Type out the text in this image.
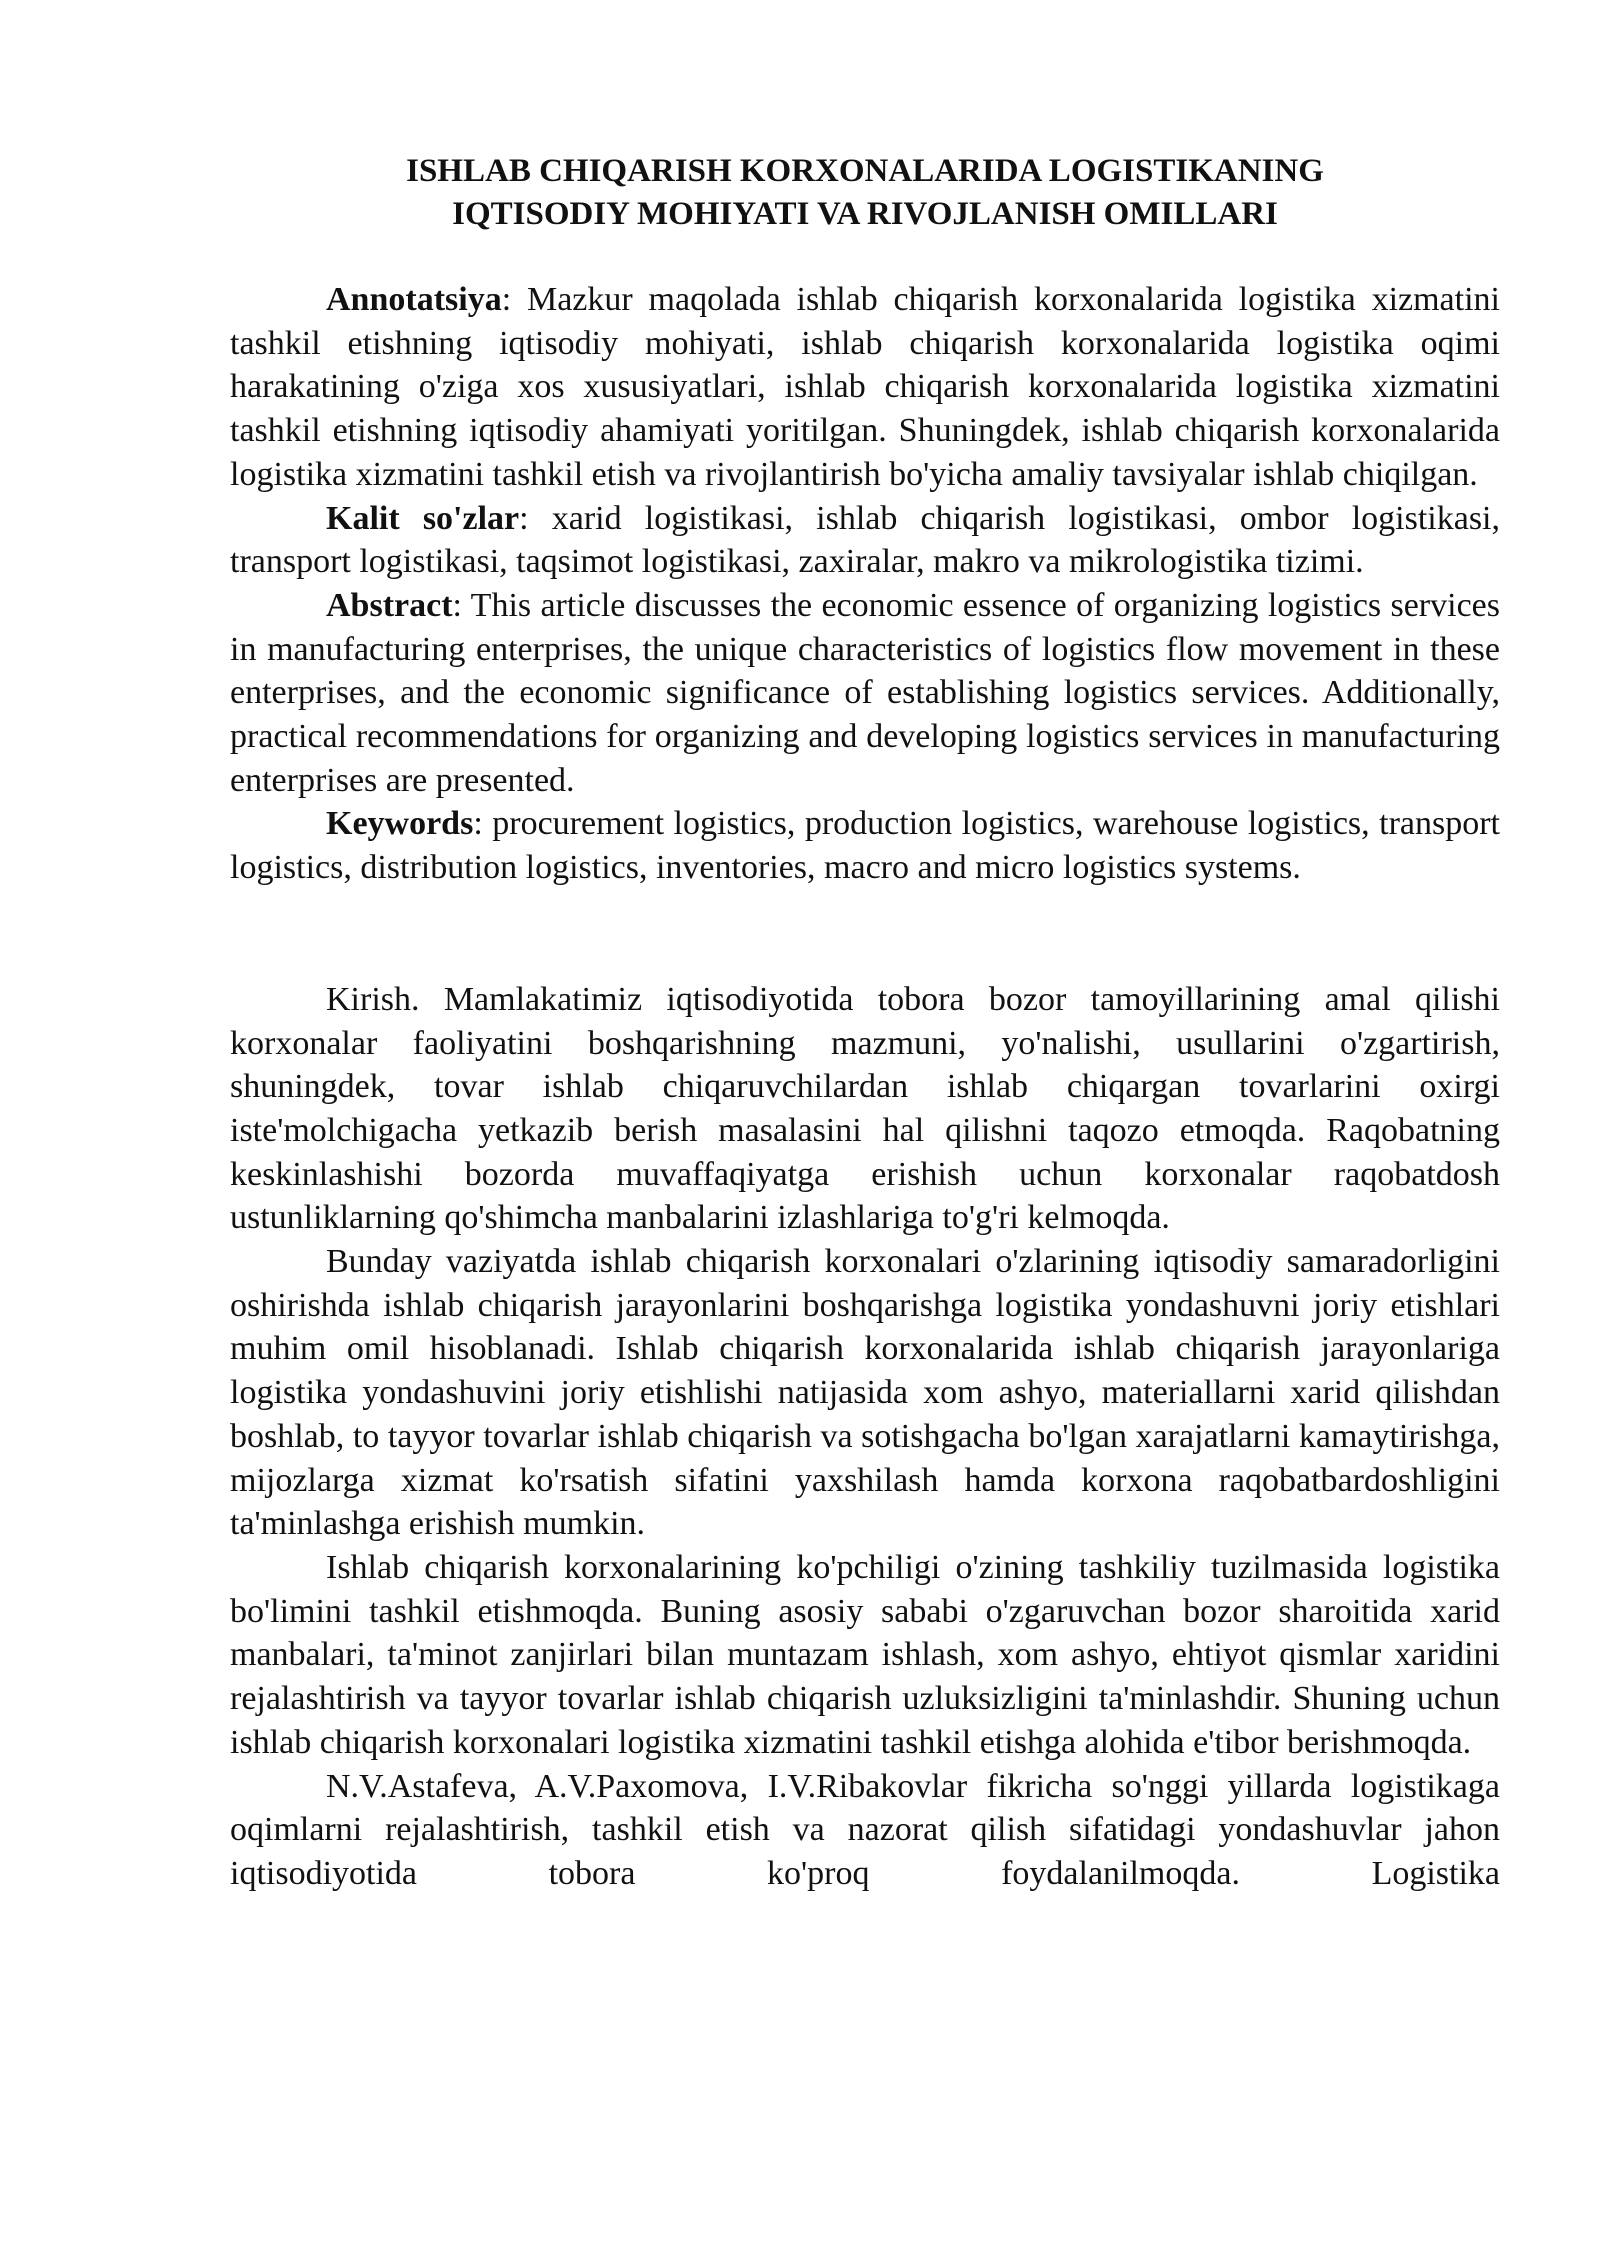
ISHLAB CHIQARISH KORXONALARIDA LOGISTIKANING
IQTISODIY MOHIYATI VA RIVOJLANISH OMILLARI

Annotatsiya: Mazkur maqolada ishlab chiqarish korxonalarida logistika xizmatini tashkil etishning iqtisodiy mohiyati, ishlab chiqarish korxonalarida logistika oqimi harakatining o'ziga xos xususiyatlari, ishlab chiqarish korxonalarida logistika xizmatini tashkil etishning iqtisodiy ahamiyati yoritilgan. Shuningdek, ishlab chiqarish korxonalarida logistika xizmatini tashkil etish va rivojlantirish bo'yicha amaliy tavsiyalar ishlab chiqilgan.

Kalit so'zlar: xarid logistikasi, ishlab chiqarish logistikasi, ombor logistikasi, transport logistikasi, taqsimot logistikasi, zaxiralar, makro va mikrologistika tizimi.

Abstract: This article discusses the economic essence of organizing logistics services in manufacturing enterprises, the unique characteristics of logistics flow movement in these enterprises, and the economic significance of establishing logistics services. Additionally, practical recommendations for organizing and developing logistics services in manufacturing enterprises are presented.

Keywords: procurement logistics, production logistics, warehouse logistics, transport logistics, distribution logistics, inventories, macro and micro logistics systems.

Kirish. Mamlakatimiz iqtisodiyotida tobora bozor tamoyillarining amal qilishi korxonalar faoliyatini boshqarishning mazmuni, yo'nalishi, usullarini o'zgartirish, shuningdek, tovar ishlab chiqaruvchilardan ishlab chiqargan tovarlarini oxirgi iste'molchigacha yetkazib berish masalasini hal qilishni taqozo etmoqda. Raqobatning keskinlashishi bozorda muvaffaqiyatga erishish uchun korxonalar raqobatdosh ustunliklarning qo'shimcha manbalarini izlashlariga to'g'ri kelmoqda.

Bunday vaziyatda ishlab chiqarish korxonalari o'zlarining iqtisodiy samaradorligini oshirishda ishlab chiqarish jarayonlarini boshqarishga logistika yondashuvni joriy etishlari muhim omil hisoblanadi. Ishlab chiqarish korxonalarida ishlab chiqarish jarayonlariga logistika yondashuvini joriy etishlishi natijasida xom ashyo, materiallarni xarid qilishdan boshlab, to tayyor tovarlar ishlab chiqarish va sotishgacha bo'lgan xarajatlarni kamaytirishga, mijozlarga xizmat ko'rsatish sifatini yaxshilash hamda korxona raqobatbardoshligini ta'minlashga erishish mumkin.

Ishlab chiqarish korxonalarining ko'pchiligi o'zining tashkiliy tuzilmasida logistika bo'limini tashkil etishmoqda. Buning asosiy sababi o'zgaruvchan bozor sharoitida xarid manbalari, ta'minot zanjirlari bilan muntazam ishlash, xom ashyo, ehtiyot qismlar xaridini rejalashtirish va tayyor tovarlar ishlab chiqarish uzluksizligini ta'minlashdir. Shuning uchun ishlab chiqarish korxonalari logistika xizmatini tashkil etishga alohida e'tibor berishmoqda.

N.V.Astafeva, A.V.Paxomova, I.V.Ribakovlar fikricha so'nggi yillarda logistikaga oqimlarni rejalashtirish, tashkil etish va nazorat qilish sifatidagi yondashuvlar jahon iqtisodiyotida tobora ko'proq foydalanilmoqda. Logistika
